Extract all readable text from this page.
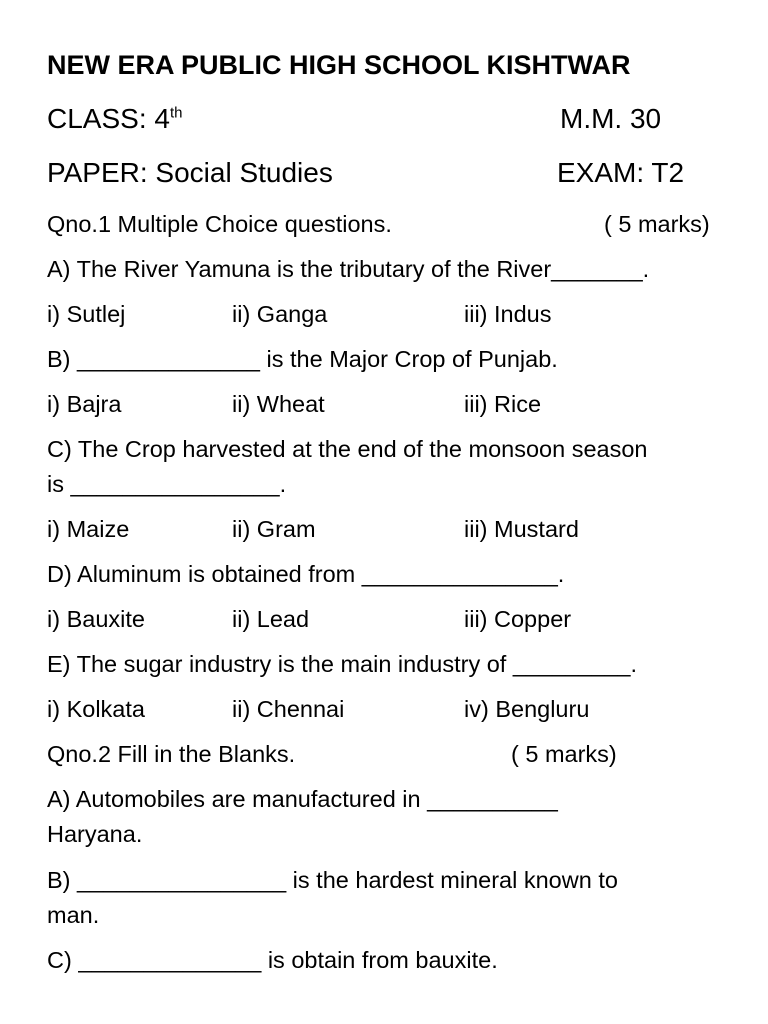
NEW ERA PUBLIC HIGH SCHOOL KISHTWAR
CLASS: 4th	M.M. 30
PAPER: Social Studies	EXAM: T2
Qno.1 Multiple Choice questions.	( 5 marks)
A) The River Yamuna is the tributary of the River_______.
i) Sutlej	ii) Ganga	iii) Indus
B) ______________ is the Major Crop of Punjab.
i) Bajra	ii) Wheat	iii) Rice
C) The Crop harvested at the end of the monsoon season
is ________________.
i) Maize	ii) Gram	iii) Mustard
D) Aluminum is obtained from _______________.
i) Bauxite	ii) Lead	iii) Copper
E) The sugar industry is the main industry of _________.
i) Kolkata	ii) Chennai	iv) Bengluru
Qno.2 Fill in the Blanks.	( 5 marks)
A) Automobiles are manufactured in __________
Haryana.
B) ________________ is the hardest mineral known to
man.
C) ______________ is obtain from bauxite.
